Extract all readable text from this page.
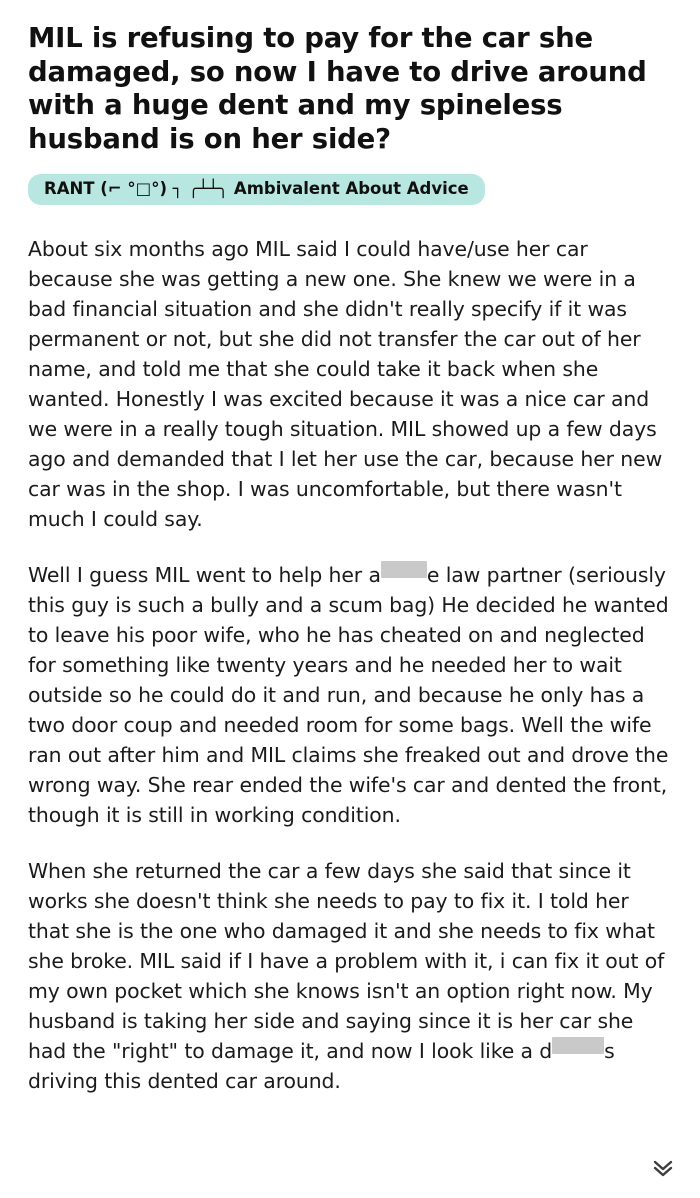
MIL is refusing to pay for the car she damaged, so now I have to drive around with a huge dent and my spineless husband is on her side?
RANT (⌐ °□°) ┐ ╭┴┴╮ Ambivalent About Advice

About six months ago MIL said I could have/use her car because she was getting a new one. She knew we were in a bad financial situation and she didn't really specify if it was permanent or not, but she did not transfer the car out of her name, and told me that she could take it back when she wanted. Honestly I was excited because it was a nice car and we were in a really tough situation. MIL showed up a few days ago and demanded that I let her use the car, because her new car was in the shop. I was uncomfortable, but there wasn't much I could say.

Well I guess MIL went to help her a e law partner (seriously this guy is such a bully and a scum bag) He decided he wanted to leave his poor wife, who he has cheated on and neglected for something like twenty years and he needed her to wait outside so he could do it and run, and because he only has a two door coup and needed room for some bags. Well the wife ran out after him and MIL claims she freaked out and drove the wrong way. She rear ended the wife's car and dented the front, though it is still in working condition.

When she returned the car a few days she said that since it works she doesn't think she needs to pay to fix it. I told her that she is the one who damaged it and she needs to fix what she broke. MIL said if I have a problem with it, i can fix it out of my own pocket which she knows isn't an option right now. My husband is taking her side and saying since it is her car she had the "right" to damage it, and now I look like a d	s driving this dented car around.
